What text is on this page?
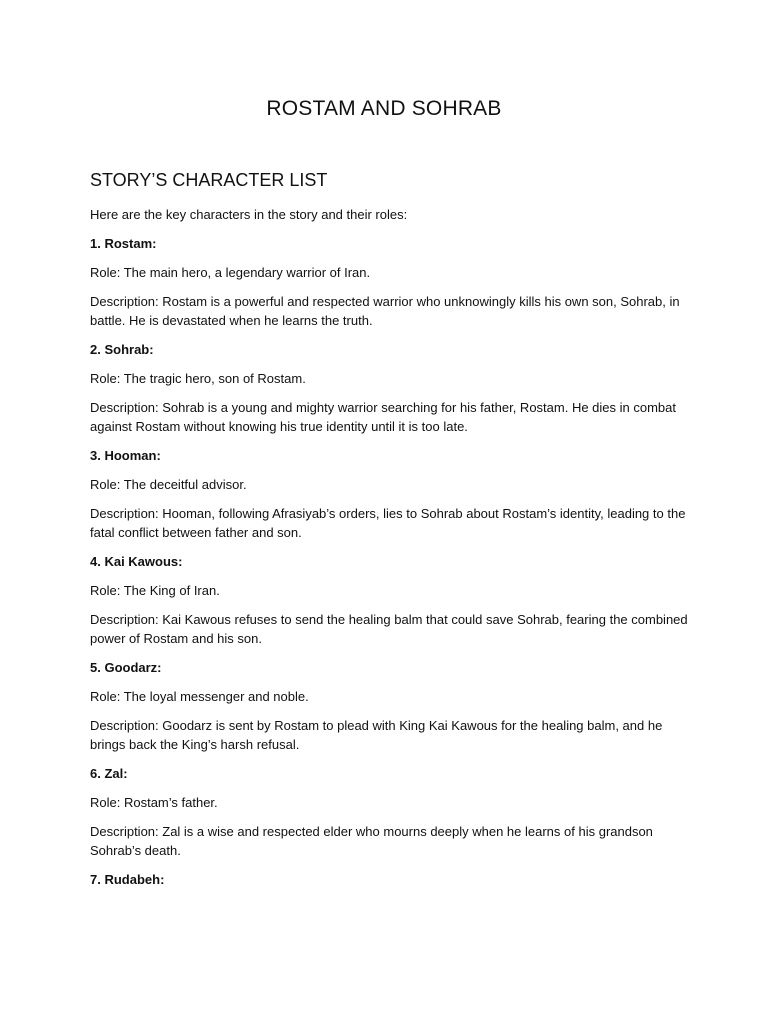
ROSTAM AND SOHRAB
STORY’S CHARACTER LIST

Here are the key characters in the story and their roles:

1. Rostam:

Role: The main hero, a legendary warrior of Iran.

Description: Rostam is a powerful and respected warrior who unknowingly kills his own son, Sohrab, in battle. He is devastated when he learns the truth.

2. Sohrab:

Role: The tragic hero, son of Rostam.

Description: Sohrab is a young and mighty warrior searching for his father, Rostam. He dies in combat against Rostam without knowing his true identity until it is too late.

3. Hooman:

Role: The deceitful advisor.

Description: Hooman, following Afrasiyab’s orders, lies to Sohrab about Rostam’s identity, leading to the fatal conflict between father and son.

4. Kai Kawous:

Role: The King of Iran.

Description: Kai Kawous refuses to send the healing balm that could save Sohrab, fearing the combined power of Rostam and his son.

5. Goodarz:

Role: The loyal messenger and noble.

Description: Goodarz is sent by Rostam to plead with King Kai Kawous for the healing balm, and he brings back the King’s harsh refusal.

6. Zal:

Role: Rostam’s father.

Description: Zal is a wise and respected elder who mourns deeply when he learns of his grandson Sohrab’s death.

7. Rudabeh:
